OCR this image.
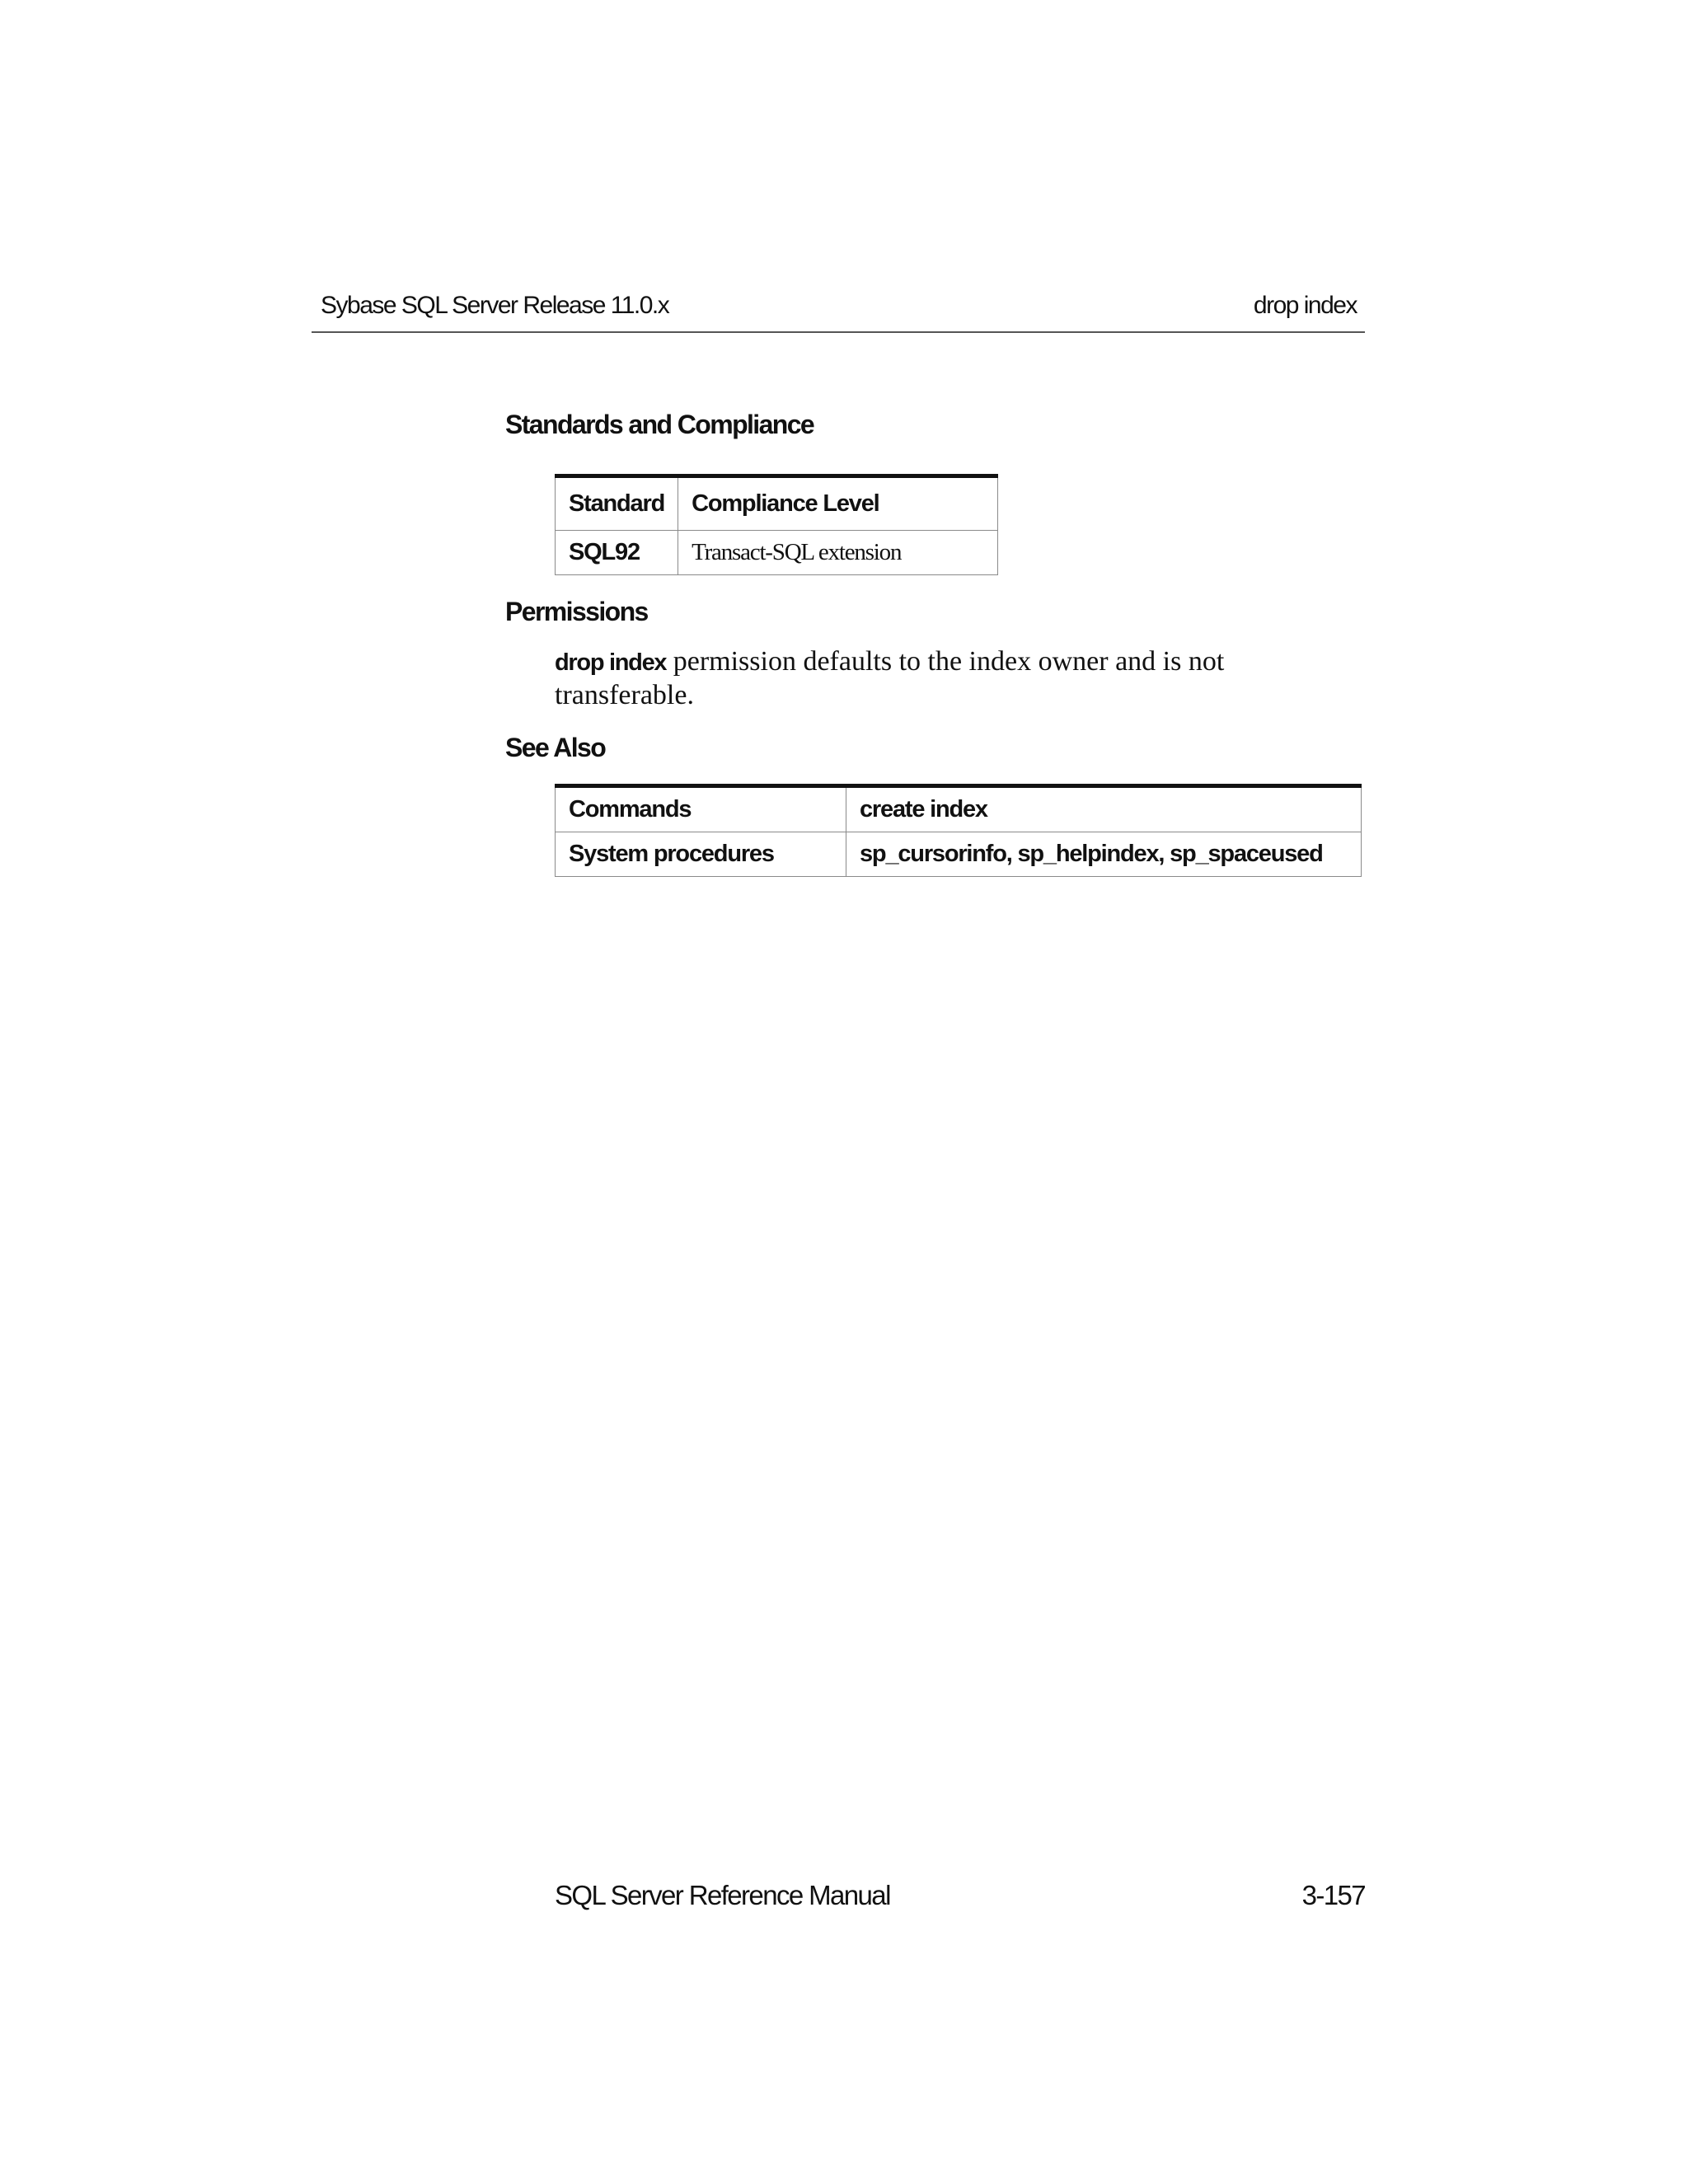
Sybase SQL Server Release 11.0.x	drop index
Standards and Compliance
Standard	Compliance Level
SQL92	Transact-SQL extension
Permissions
drop index permission defaults to the index owner and is not transferable.
See Also
Commands	create index
System procedures	sp_cursorinfo, sp_helpindex, sp_spaceused
SQL Server Reference Manual	3-157
